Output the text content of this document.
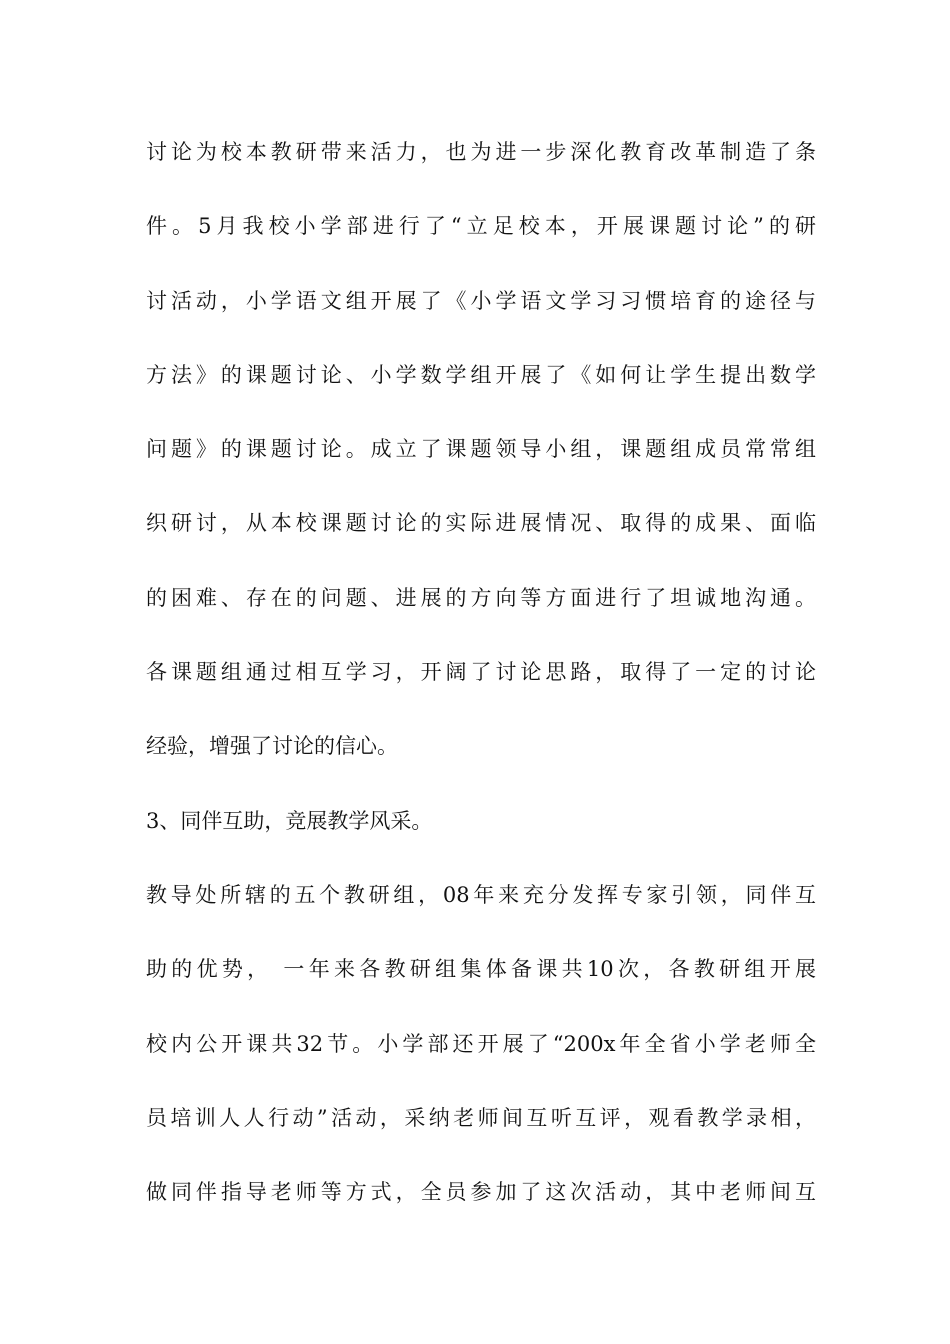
讨论为校本教研带来活力，也为进一步深化教育改革制造了条
件。5月我校小学部进行了“立足校本，开展课题讨论”的研
讨活动，小学语文组开展了《小学语文学习习惯培育的途径与
方法》的课题讨论、小学数学组开展了《如何让学生提出数学
问题》的课题讨论。成立了课题领导小组，课题组成员常常组
织研讨，从本校课题讨论的实际进展情况、取得的成果、面临
的困难、存在的问题、进展的方向等方面进行了坦诚地沟通。
各课题组通过相互学习，开阔了讨论思路，取得了一定的讨论
经验，增强了讨论的信心。
3、同伴互助，竞展教学风采。
教导处所辖的五个教研组，08年来充分发挥专家引领，同伴互
助的优势， 一年来各教研组集体备课共10次，各教研组开展
校内公开课共32节。小学部还开展了“200x年全省小学老师全
员培训人人行动”活动，采纳老师间互听互评，观看教学录相，
做同伴指导老师等方式，全员参加了这次活动，其中老师间互
